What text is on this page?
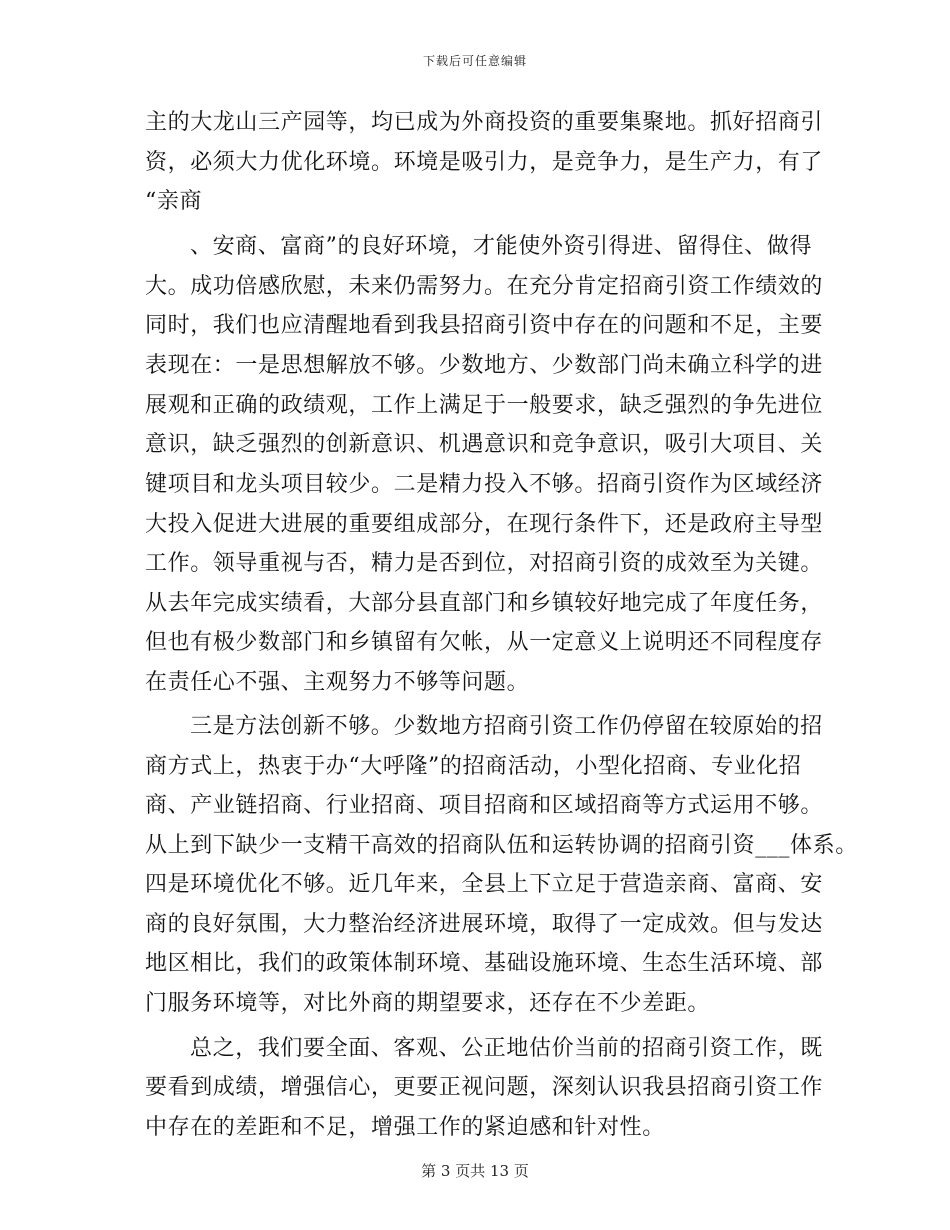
下载后可任意编辑
主的大龙山三产园等，均已成为外商投资的重要集聚地。抓好招商引
资，必须大力优化环境。环境是吸引力，是竞争力，是生产力，有了
“亲商
、安商、富商”的良好环境，才能使外资引得进、留得住、做得
大。成功倍感欣慰，未来仍需努力。在充分肯定招商引资工作绩效的
同时，我们也应清醒地看到我县招商引资中存在的问题和不足，主要
表现在：一是思想解放不够。少数地方、少数部门尚未确立科学的进
展观和正确的政绩观，工作上满足于一般要求，缺乏强烈的争先进位
意识，缺乏强烈的创新意识、机遇意识和竞争意识，吸引大项目、关
键项目和龙头项目较少。二是精力投入不够。招商引资作为区域经济
大投入促进大进展的重要组成部分，在现行条件下，还是政府主导型
工作。领导重视与否，精力是否到位，对招商引资的成效至为关键。
从去年完成实绩看，大部分县直部门和乡镇较好地完成了年度任务，
但也有极少数部门和乡镇留有欠帐，从一定意义上说明还不同程度存
在责任心不强、主观努力不够等问题。
三是方法创新不够。少数地方招商引资工作仍停留在较原始的招
商方式上，热衷于办“大呼隆”的招商活动，小型化招商、专业化招
商、产业链招商、行业招商、项目招商和区域招商等方式运用不够。
从上到下缺少一支精干高效的招商队伍和运转协调的招商引资___体系。
四是环境优化不够。近几年来，全县上下立足于营造亲商、富商、安
商的良好氛围，大力整治经济进展环境，取得了一定成效。但与发达
地区相比，我们的政策体制环境、基础设施环境、生态生活环境、部
门服务环境等，对比外商的期望要求，还存在不少差距。
总之，我们要全面、客观、公正地估价当前的招商引资工作，既
要看到成绩，增强信心，更要正视问题，深刻认识我县招商引资工作
中存在的差距和不足，增强工作的紧迫感和针对性。
第 3 页共 13 页
